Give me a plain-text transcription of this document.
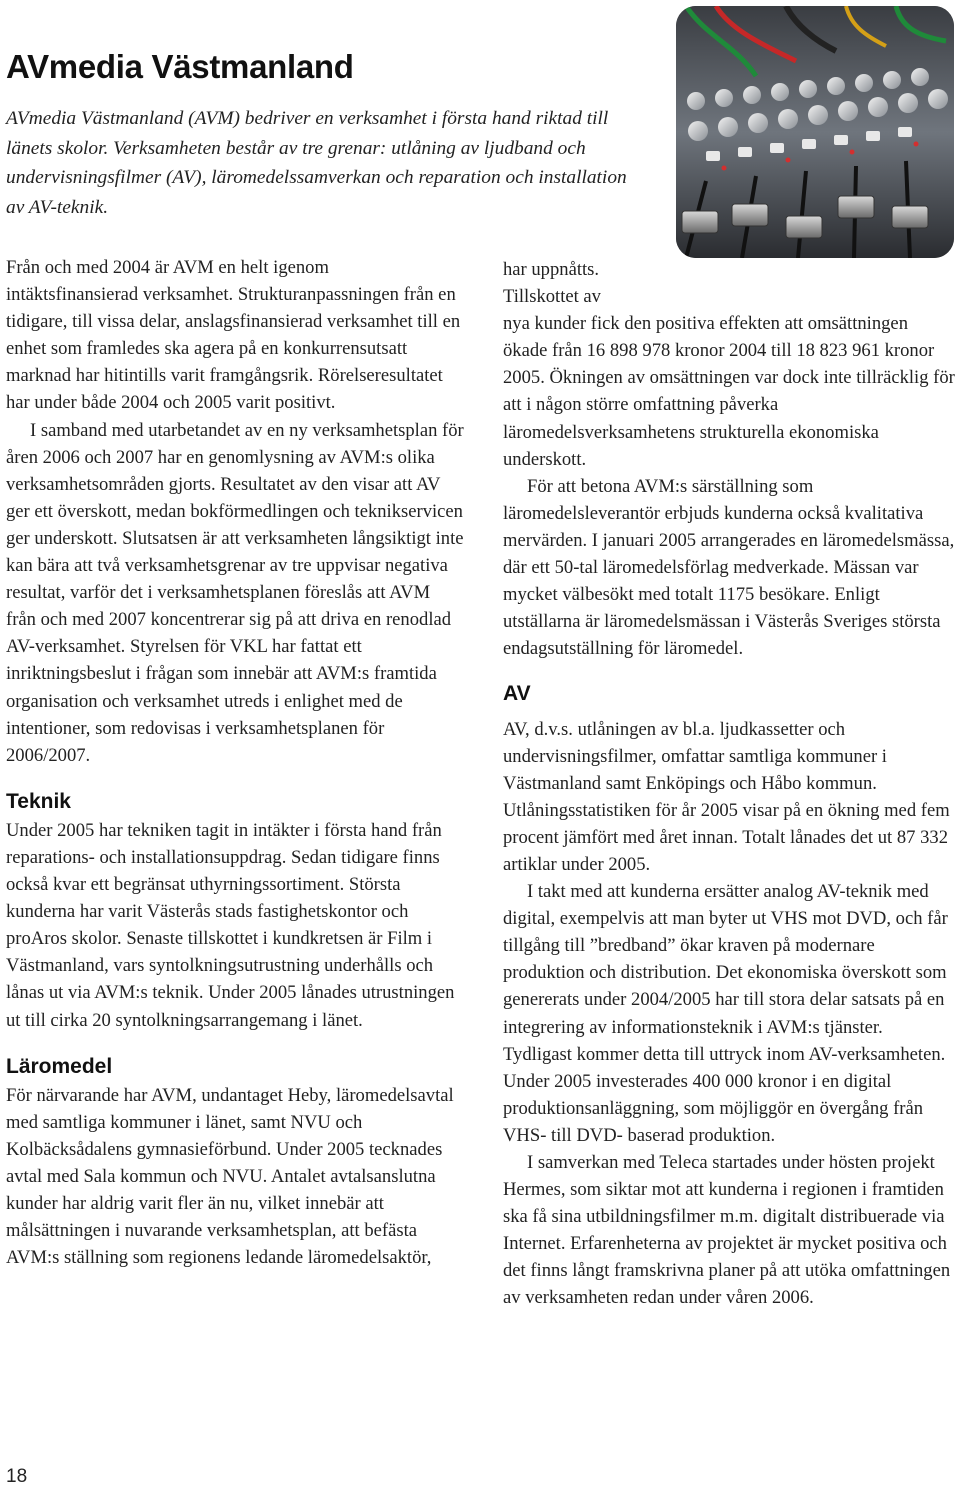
AVmedia Västmanland

AVmedia Västmanland (AVM) bedriver en verksamhet i första hand riktad till länets skolor. Verksamheten består av tre grenar: utlåning av ljudband och undervisningsfilmer (AV), läromedelssamverkan och reparation och installation av AV-teknik.

Från och med 2004 är AVM en helt igenom intäktsfinansierad verksamhet. Strukturanpassningen från en tidigare, till vissa delar, anslagsfinansierad verksamhet till en enhet som framledes ska agera på en konkurrensutsatt marknad har hitintills varit framgångsrik. Rörelseresultatet har under både 2004 och 2005 varit positivt.

I samband med utarbetandet av en ny verksamhetsplan för åren 2006 och 2007 har en genomlysning av AVM:s olika verksamhetsområden gjorts. Resultatet av den visar att AV ger ett överskott, medan bokförmedlingen och teknikservicen ger underskott. Slutsatsen är att verksamheten långsiktigt inte kan bära att två verksamhetsgrenar av tre uppvisar negativa resultat, varför det i verksamhetsplanen föreslås att AVM från och med 2007 koncentrerar sig på att driva en renodlad AV-verksamhet. Styrelsen för VKL har fattat ett inriktningsbeslut i frågan som innebär att AVM:s framtida organisation och verksamhet utreds i enlighet med de intentioner, som redovisas i verksamhetsplanen för 2006/2007.

Teknik

Under 2005 har tekniken tagit in intäkter i första hand från reparations- och installationsuppdrag. Sedan tidigare finns också kvar ett begränsat uthyrningssortiment. Största kunderna har varit Västerås stads fastighetskontor och proAros skolor. Senaste tillskottet i kundkretsen är Film i Västmanland, vars syntolkningsutrustning underhålls och lånas ut via AVM:s teknik. Under 2005 lånades utrustningen ut till cirka 20 syntolkningsarrangemang i länet.

Läromedel

För närvarande har AVM, undantaget Heby, läromedelsavtal med samtliga kommuner i länet, samt NVU och Kolbäcksådalens gymnasieförbund. Under 2005 tecknades avtal med Sala kommun och NVU. Antalet avtalsanslutna kunder har aldrig varit fler än nu, vilket innebär att målsättningen i nuvarande verksamhetsplan, att befästa AVM:s ställning som regionens ledande läromedelsaktör,

har uppnåtts.

Tillskottet av

nya kunder fick den positiva effekten att omsättningen ökade från 16 898 978 kronor 2004 till 18 823 961 kronor 2005. Ökningen av omsättningen var dock inte tillräcklig för att i någon större omfattning påverka läromedelsverksamhetens strukturella ekonomiska underskott.

För att betona AVM:s särställning som läromedelsleverantör erbjuds kunderna också kvalitativa mervärden. I januari 2005 arrangerades en läromedelsmässa, där ett 50-tal läromedelsförlag medverkade. Mässan var mycket välbesökt med totalt 1175 besökare. Enligt utställarna är läromedelsmässan i Västerås Sveriges största endagsutställning för läromedel.

AV

AV, d.v.s. utlåningen av bl.a. ljudkassetter och undervisningsfilmer, omfattar samtliga kommuner i Västmanland samt Enköpings och Håbo kommun. Utlåningsstatistiken för år 2005 visar på en ökning med fem procent jämfört med året innan. Totalt lånades det ut 87 332 artiklar under 2005.

I takt med att kunderna ersätter analog AV-teknik med digital, exempelvis att man byter ut VHS mot DVD, och får tillgång till ”bredband” ökar kraven på modernare produktion och distribution. Det ekonomiska överskott som genererats under 2004/2005 har till stora delar satsats på en integrering av informationsteknik i AVM:s tjänster. Tydligast kommer detta till uttryck inom AV-verksamheten. Under 2005 investerades 400 000 kronor i en digital produktionsanläggning, som möjliggör en övergång från VHS- till DVD- baserad produktion.

I samverkan med Teleca startades under hösten projekt Hermes, som siktar mot att kunderna i regionen i framtiden ska få sina utbildningsfilmer m.m. digitalt distribuerade via Internet. Erfarenheterna av projektet är mycket positiva och det finns långt framskrivna planer på att utöka omfattningen av verksamheten redan under våren 2006.

18
